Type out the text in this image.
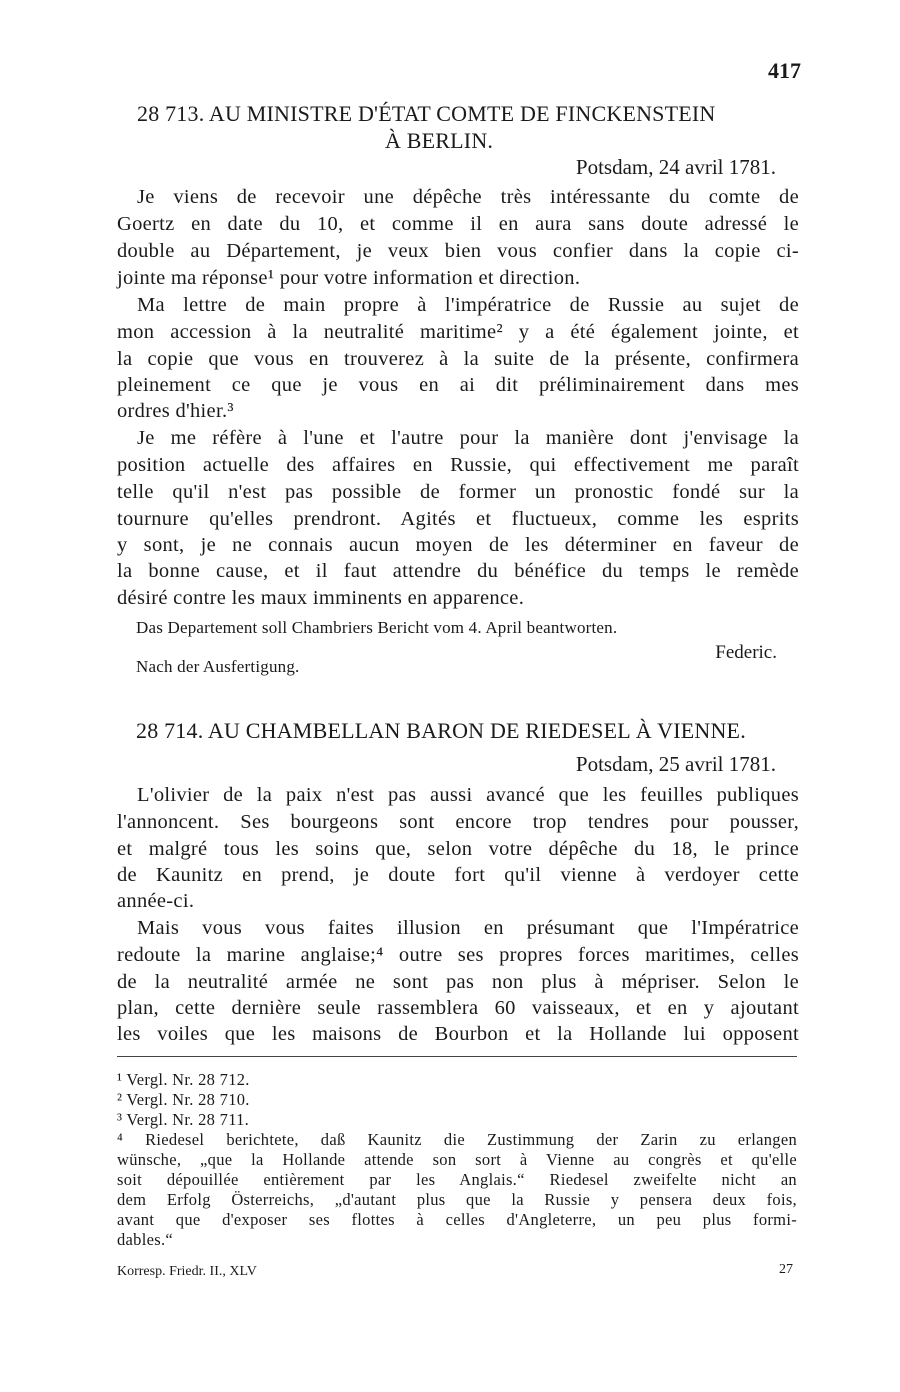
417
28 713. AU MINISTRE D'ÉTAT COMTE DE FINCKENSTEIN
À BERLIN.
Potsdam, 24 avril 1781.
Je viens de recevoir une dépêche très intéressante du comte de
Goertz en date du 10, et comme il en aura sans doute adressé le
double au Département, je veux bien vous confier dans la copie ci-
jointe ma réponse¹ pour votre information et direction.
Ma lettre de main propre à l'impératrice de Russie au sujet de
mon accession à la neutralité maritime² y a été également jointe, et
la copie que vous en trouverez à la suite de la présente, confirmera
pleinement ce que je vous en ai dit préliminairement dans mes
ordres d'hier.³
Je me réfère à l'une et l'autre pour la manière dont j'envisage la
position actuelle des affaires en Russie, qui effectivement me paraît
telle qu'il n'est pas possible de former un pronostic fondé sur la
tournure qu'elles prendront. Agités et fluctueux, comme les esprits
y sont, je ne connais aucun moyen de les déterminer en faveur de
la bonne cause, et il faut attendre du bénéfice du temps le remède
désiré contre les maux imminents en apparence.
Das Departement soll Chambriers Bericht vom 4. April beantworten.
Federic.
Nach der Ausfertigung.
28 714. AU CHAMBELLAN BARON DE RIEDESEL À VIENNE.
Potsdam, 25 avril 1781.
L'olivier de la paix n'est pas aussi avancé que les feuilles publiques
l'annoncent. Ses bourgeons sont encore trop tendres pour pousser,
et malgré tous les soins que, selon votre dépêche du 18, le prince
de Kaunitz en prend, je doute fort qu'il vienne à verdoyer cette
année-ci.
Mais vous vous faites illusion en présumant que l'Impératrice
redoute la marine anglaise;⁴ outre ses propres forces maritimes, celles
de la neutralité armée ne sont pas non plus à mépriser. Selon le
plan, cette dernière seule rassemblera 60 vaisseaux, et en y ajoutant
les voiles que les maisons de Bourbon et la Hollande lui opposent
¹ Vergl. Nr. 28 712.
² Vergl. Nr. 28 710.
³ Vergl. Nr. 28 711.
⁴ Riedesel berichtete, daß Kaunitz die Zustimmung der Zarin zu erlangen
wünsche, „que la Hollande attende son sort à Vienne au congrès et qu'elle
soit dépouillée entièrement par les Anglais.“ Riedesel zweifelte nicht an
dem Erfolg Österreichs, „d'autant plus que la Russie y pensera deux fois,
avant que d'exposer ses flottes à celles d'Angleterre, un peu plus formi-
dables.“
Korresp. Friedr. II., XLV	27
